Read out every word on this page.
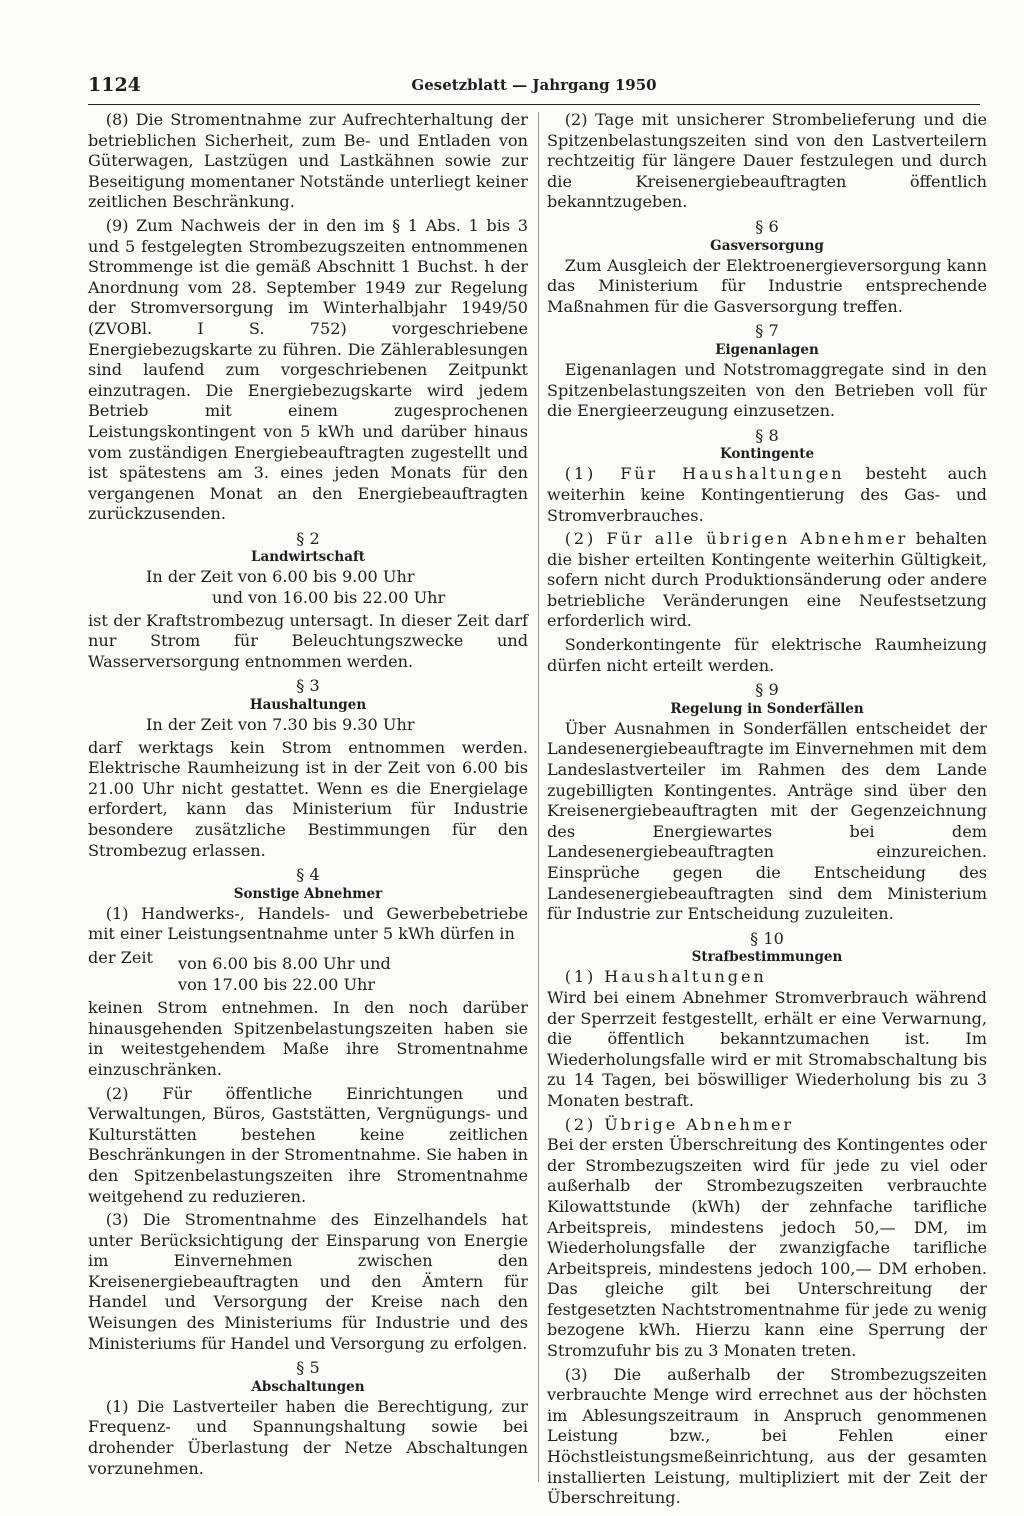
1124	Gesetzblatt — Jahrgang 1950

(8) Die Stromentnahme zur Aufrechterhaltung der betrieblichen Sicherheit, zum Be- und Entladen von Güterwagen, Lastzügen und Lastkähnen sowie zur Beseitigung momentaner Notstände unterliegt keiner zeitlichen Beschränkung.

(9) Zum Nachweis der in den im § 1 Abs. 1 bis 3 und 5 festgelegten Strombezugszeiten entnommenen Strommenge ist die gemäß Abschnitt 1 Buchst. h der Anordnung vom 28. September 1949 zur Regelung der Stromversorgung im Winterhalbjahr 1949/50 (ZVOBl. I S. 752) vorgeschriebene Energiebezugskarte zu führen. Die Zählerablesungen sind laufend zum vorgeschriebenen Zeitpunkt einzutragen. Die Energiebezugskarte wird jedem Betrieb mit einem zugesprochenen Leistungskontingent von 5 kWh und darüber hinaus vom zuständigen Energiebeauftragten zugestellt und ist spätestens am 3. eines jeden Monats für den vergangenen Monat an den Energiebeauftragten zurückzusenden.

§ 2
Landwirtschaft
In der Zeit von 6.00 bis 9.00 Uhr
und von 16.00 bis 22.00 Uhr

ist der Kraftstrombezug untersagt. In dieser Zeit darf nur Strom für Beleuchtungszwecke und Wasserversorgung entnommen werden.

§ 3
Haushaltungen
In der Zeit von 7.30 bis 9.30 Uhr

darf werktags kein Strom entnommen werden. Elektrische Raumheizung ist in der Zeit von 6.00 bis 21.00 Uhr nicht gestattet. Wenn es die Energielage erfordert, kann das Ministerium für Industrie besondere zusätzliche Bestimmungen für den Strombezug erlassen.

§ 4
Sonstige Abnehmer

(1) Handwerks-, Handels- und Gewerbebetriebe mit einer Leistungsentnahme unter 5 kWh dürfen in

der Zeit	von 6.00 bis 8.00 Uhr und
von 17.00 bis 22.00 Uhr

keinen Strom entnehmen. In den noch darüber hinausgehenden Spitzenbelastungszeiten haben sie in weitestgehendem Maße ihre Stromentnahme einzuschränken.

(2) Für öffentliche Einrichtungen und Verwaltungen, Büros, Gaststätten, Vergnügungs- und Kulturstätten bestehen keine zeitlichen Beschränkungen in der Stromentnahme. Sie haben in den Spitzenbelastungszeiten ihre Stromentnahme weitgehend zu reduzieren.

(3) Die Stromentnahme des Einzelhandels hat unter Berücksichtigung der Einsparung von Energie im Einvernehmen zwischen den Kreisenergiebeauftragten und den Ämtern für Handel und Versorgung der Kreise nach den Weisungen des Ministeriums für Industrie und des Ministeriums für Handel und Versorgung zu erfolgen.

§ 5
Abschaltungen

(1) Die Lastverteiler haben die Berechtigung, zur Frequenz- und Spannungshaltung sowie bei drohender Überlastung der Netze Abschaltungen vorzunehmen.

(2) Tage mit unsicherer Strombelieferung und die Spitzenbelastungszeiten sind von den Lastverteilern rechtzeitig für längere Dauer festzulegen und durch die Kreisenergiebeauftragten öffentlich bekanntzugeben.

§ 6
Gasversorgung

Zum Ausgleich der Elektroenergieversorgung kann das Ministerium für Industrie entsprechende Maßnahmen für die Gasversorgung treffen.

§ 7
Eigenanlagen

Eigenanlagen und Notstromaggregate sind in den Spitzenbelastungszeiten von den Betrieben voll für die Energieerzeugung einzusetzen.

§ 8
Kontingente

(1) Für Haushaltungen besteht auch weiterhin keine Kontingentierung des Gas- und Stromverbrauches.

(2) Für alle übrigen Abnehmer behalten die bisher erteilten Kontingente weiterhin Gültigkeit, sofern nicht durch Produktionsänderung oder andere betriebliche Veränderungen eine Neufestsetzung erforderlich wird.

Sonderkontingente für elektrische Raumheizung dürfen nicht erteilt werden.

§ 9
Regelung in Sonderfällen

Über Ausnahmen in Sonderfällen entscheidet der Landesenergiebeauftragte im Einvernehmen mit dem Landeslastverteiler im Rahmen des dem Lande zugebilligten Kontingentes. Anträge sind über den Kreisenergiebeauftragten mit der Gegenzeichnung des Energiewartes bei dem Landesenergiebeauftragten einzureichen. Einsprüche gegen die Entscheidung des Landesenergiebeauftragten sind dem Ministerium für Industrie zur Entscheidung zuzuleiten.

§ 10
Strafbestimmungen

(1) Haushaltungen

Wird bei einem Abnehmer Stromverbrauch während der Sperrzeit festgestellt, erhält er eine Verwarnung, die öffentlich bekanntzumachen ist. Im Wiederholungsfalle wird er mit Stromabschaltung bis zu 14 Tagen, bei böswilliger Wiederholung bis zu 3 Monaten bestraft.

(2) Übrige Abnehmer

Bei der ersten Überschreitung des Kontingentes oder der Strombezugszeiten wird für jede zu viel oder außerhalb der Strombezugszeiten verbrauchte Kilowattstunde (kWh) der zehnfache tarifliche Arbeitspreis, mindestens jedoch 50,— DM, im Wiederholungsfalle der zwanzigfache tarifliche Arbeitspreis, mindestens jedoch 100,— DM erhoben. Das gleiche gilt bei Unterschreitung der festgesetzten Nachtstromentnahme für jede zu wenig bezogene kWh. Hierzu kann eine Sperrung der Stromzufuhr bis zu 3 Monaten treten.

(3) Die außerhalb der Strombezugszeiten verbrauchte Menge wird errechnet aus der höchsten im Ablesungszeitraum in Anspruch genommenen Leistung bzw., bei Fehlen einer Höchstleistungsmeßeinrichtung, aus der gesamten installierten Leistung, multipliziert mit der Zeit der Überschreitung.
